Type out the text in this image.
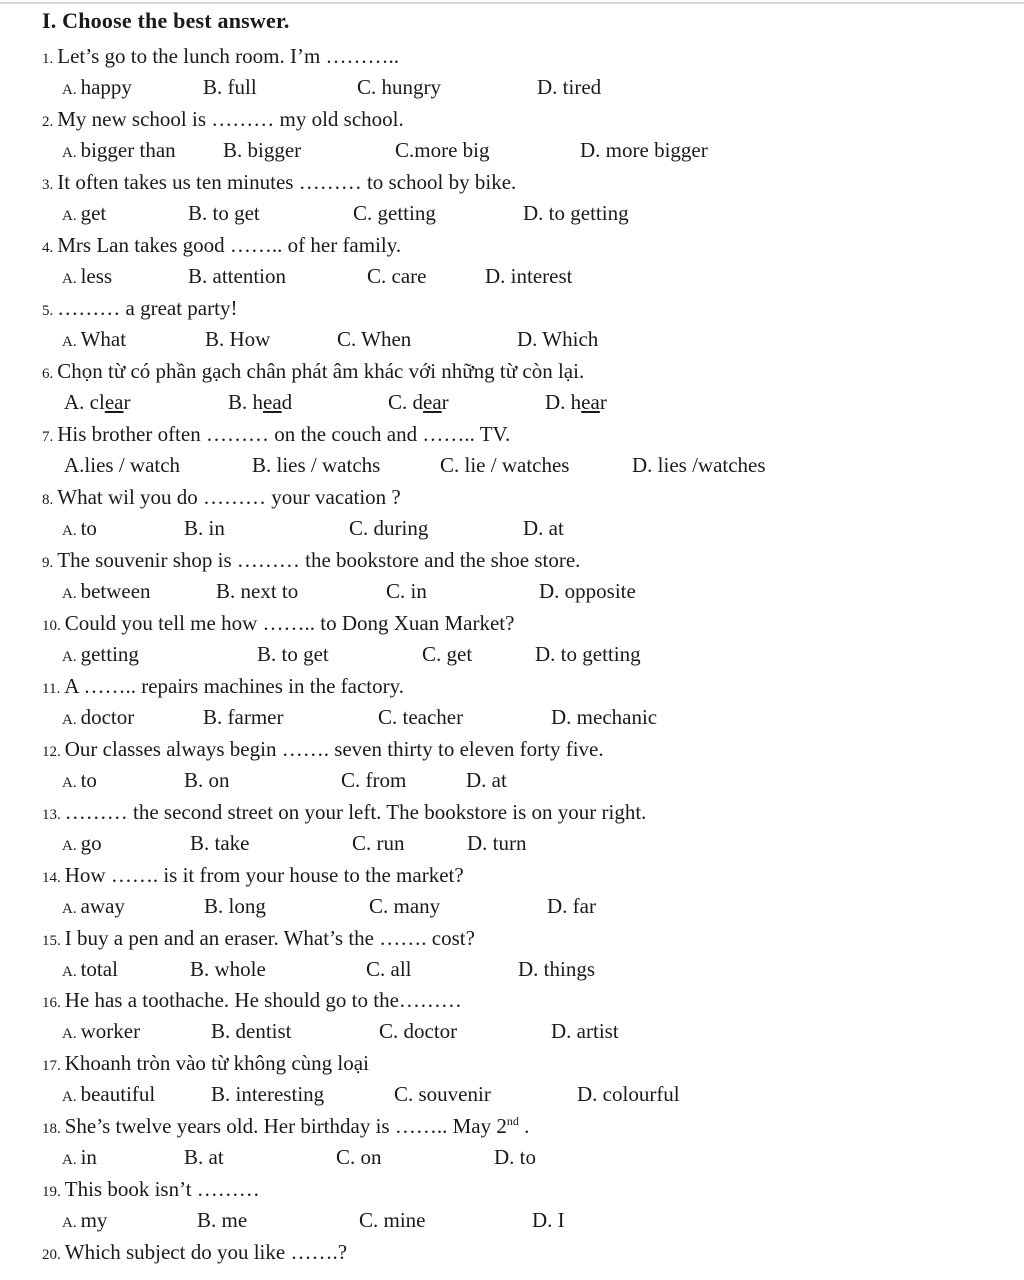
I. Choose the best answer.
1. Let’s go to the lunch room. I’m ………..
A. happy	B. full	C. hungry	D. tired
2. My new school is ……… my old school.
A. bigger than B. bigger	C.more big	D. more bigger
3. It often takes us ten minutes ……… to school by bike.
A. get	B. to get	C. getting	D. to getting
4. Mrs Lan takes good …….. of her family.
A. less	B. attention	C. care	D. interest
5. ……… a great party!
A. What	B. How	C. When	D. Which
6. Chọn từ có phần gạch chân phát âm khác với những từ còn lại.
A. clear	B. head	C. dear	D. hear
7. His brother often ……… on the couch and …….. TV.
A.lies / watch	B. lies / watchs	C. lie / watches	D. lies /watches
8. What wil you do ……… your vacation ?
A. to	B. in	C. during	D. at
9. The souvenir shop is ……… the bookstore and the shoe store.
A. between	B. next to	C. in	D. opposite
10. Could you tell me how …….. to Dong Xuan Market?
A. getting	B. to get	C. get	D. to getting
11. A …….. repairs machines in the factory.
A. doctor	B. farmer	C. teacher	D. mechanic
12. Our classes always begin ……. seven thirty to eleven forty five.
A. to	B. on	C. from	D. at
13. ……… the second street on your left. The bookstore is on your right.
A. go	B. take	C. run	D. turn
14. How ……. is it from your house to the market?
A. away	B. long	C. many	D. far
15. I buy a pen and an eraser. What’s the ……. cost?
A. total	B. whole	C. all	D. things
16. He has a toothache. He should go to the………
A. worker	B. dentist	C. doctor	D. artist
17. Khoanh tròn vào từ không cùng loại
A. beautiful	B. interesting	C. souvenir	D. colourful
18. She’s twelve years old. Her birthday is …….. May 2nd .
A. in	B. at	C. on	D. to
19. This book isn’t ………
A. my	B. me	C. mine	D. I
20. Which subject do you like …….?
